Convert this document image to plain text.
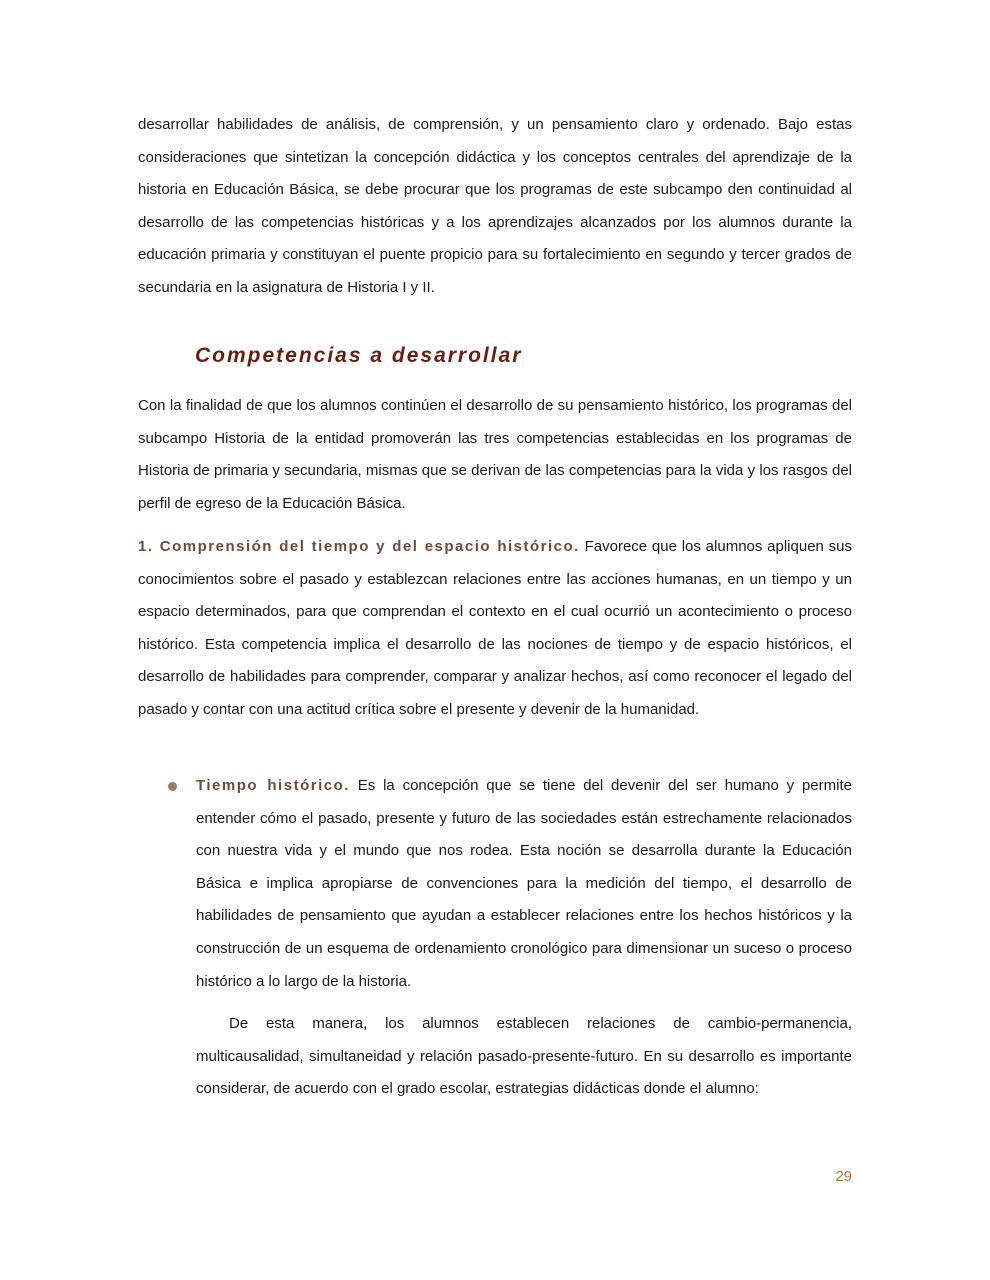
desarrollar habilidades de análisis, de comprensión, y un pensamiento claro y ordenado. Bajo estas consideraciones que sintetizan la concepción didáctica y los conceptos centrales del aprendizaje de la historia en Educación Básica, se debe procurar que los programas de este subcampo den continuidad al desarrollo de las competencias históricas y a los aprendizajes alcanzados por los alumnos durante la educación primaria y constituyan el puente propicio para su fortalecimiento en segundo y tercer grados de secundaria en la asignatura de Historia I y II.

Competencias a desarrollar

Con la finalidad de que los alumnos continúen el desarrollo de su pensamiento histórico, los programas del subcampo Historia de la entidad promoverán las tres competencias establecidas en los programas de Historia de primaria y secundaria, mismas que se derivan de las competencias para la vida y los rasgos del perfil de egreso de la Educación Básica.

1. Comprensión del tiempo y del espacio histórico. Favorece que los alumnos apliquen sus conocimientos sobre el pasado y establezcan relaciones entre las acciones humanas, en un tiempo y un espacio determinados, para que comprendan el contexto en el cual ocurrió un acontecimiento o proceso histórico. Esta competencia implica el desarrollo de las nociones de tiempo y de espacio históricos, el desarrollo de habilidades para comprender, comparar y analizar hechos, así como reconocer el legado del pasado y contar con una actitud crítica sobre el presente y devenir de la humanidad.

Tiempo histórico. Es la concepción que se tiene del devenir del ser humano y permite entender cómo el pasado, presente y futuro de las sociedades están estrechamente relacionados con nuestra vida y el mundo que nos rodea. Esta noción se desarrolla durante la Educación Básica e implica apropiarse de convenciones para la medición del tiempo, el desarrollo de habilidades de pensamiento que ayudan a establecer relaciones entre los hechos históricos y la construcción de un esquema de ordenamiento cronológico para dimensionar un suceso o proceso histórico a lo largo de la historia.

De esta manera, los alumnos establecen relaciones de cambio-permanencia, multicausalidad, simultaneidad y relación pasado-presente-futuro. En su desarrollo es importante considerar, de acuerdo con el grado escolar, estrategias didácticas donde el alumno:

29
